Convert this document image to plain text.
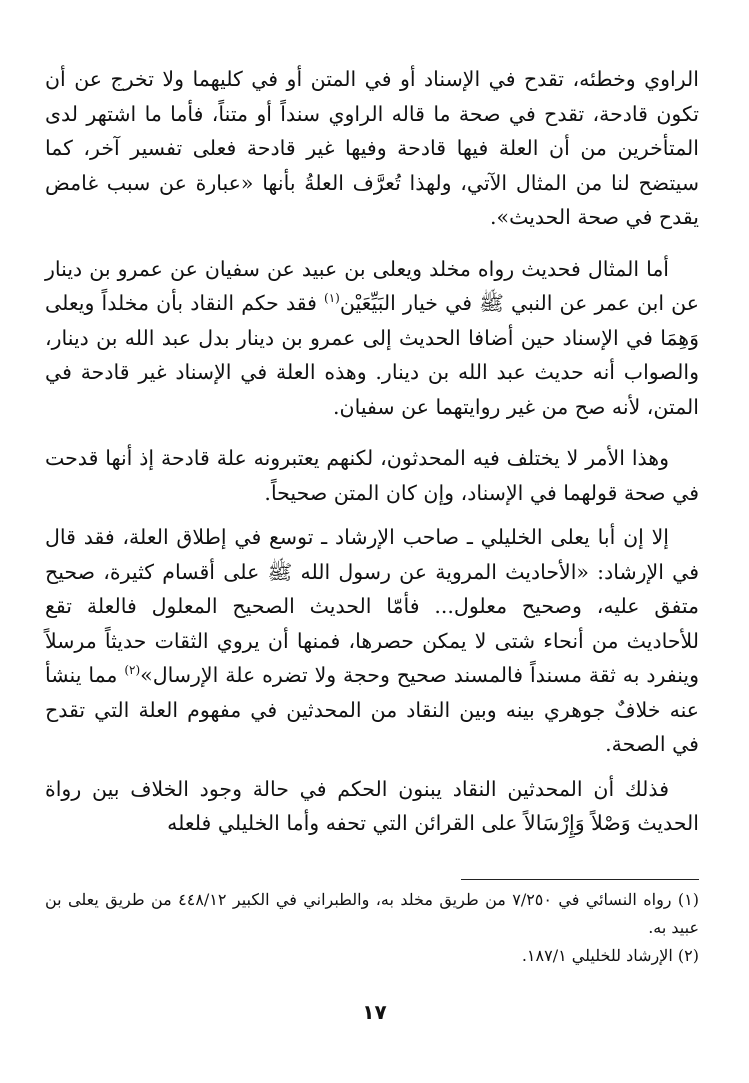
الراوي وخطئه، تقدح في الإسناد أو في المتن أو في كليهما ولا تخرج عن أن تكون قادحة، تقدح في صحة ما قاله الراوي سنداً أو متناً، فأما ما اشتهر لدى المتأخرين من أن العلة فيها قادحة وفيها غير قادحة فعلى تفسير آخر، كما سيتضح لنا من المثال الآتي، ولهذا تُعرَّف العلةُ بأنها «عبارة عن سبب غامض يقدح في صحة الحديث».

أما المثال فحديث رواه مخلد ويعلى بن عبيد عن سفيان عن عمرو بن دينار عن ابن عمر عن النبي ﷺ في خيار البَيِّعَيْن$^{(١)}$ فقد حكم النقاد بأن مخلداً ويعلى وَهِمَا في الإسناد حين أضافا الحديث إلى عمرو بن دينار بدل عبد الله بن دينار، والصواب أنه حديث عبد الله بن دينار. وهذه العلة في الإسناد غير قادحة في المتن، لأنه صح من غير روايتهما عن سفيان.

وهذا الأمر لا يختلف فيه المحدثون، لكنهم يعتبرونه علة قادحة إذ أنها قدحت في صحة قولهما في الإسناد، وإن كان المتن صحيحاً.

إلا إن أبا يعلى الخليلي ـ صاحب الإرشاد ـ توسع في إطلاق العلة، فقد قال في الإرشاد: «الأحاديث المروية عن رسول الله ﷺ على أقسام كثيرة، صحيح متفق عليه، وصحيح معلول... فأمّا الحديث الصحيح المعلول فالعلة تقع للأحاديث من أنحاء شتى لا يمكن حصرها، فمنها أن يروي الثقات حديثاً مرسلاً وينفرد به ثقة مسنداً فالمسند صحيح وحجة ولا تضره علة الإرسال»$^{(٢)}$ مما ينشأ عنه خلافٌ جوهري بينه وبين النقاد من المحدثين في مفهوم العلة التي تقدح في الصحة.

فذلك أن المحدثين النقاد يبنون الحكم في حالة وجود الخلاف بين رواة الحديث وَصْلاً وَإِرْسَالاً على القرائن التي تحفه وأما الخليلي فلعله

(١) رواه النسائي في ٧/٢٥٠ من طريق مخلد به، والطبراني في الكبير ٤٤٨/١٢ من طريق يعلى بن عبيد به.

(٢) الإرشاد للخليلي ١٨٧/١.

١٧
